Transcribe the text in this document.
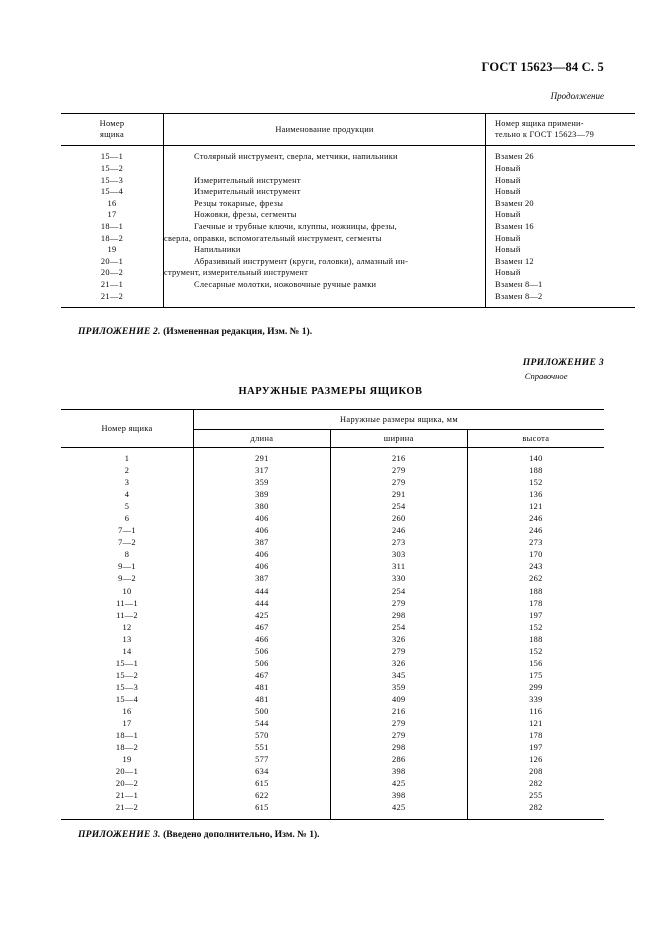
ГОСТ 15623—84 С. 5
Продолжение
Номер
ящика	Наименование продукции	Номер ящика примени-
тельно к ГОСТ 15623—79
15—1	Столярный инструмент, сверла, метчики, напильники	Взамен 26
15—2		Новый
15—3	Измерительный инструмент	Новый
15—4	Измерительный инструмент	Новый
16	Резцы токарные, фрезы	Взамен 20
17	Ножовки, фрезы, сегменты	Новый
18—1	Гаечные и трубные ключи, клуппы, ножницы, фрезы,	Взамен 16
18—2	сверла, оправки, вспомогательный инструмент, сегменты	Новый
19	Напильники	Новый
20—1	Абразивный инструмент (круги, головки), алмазный ин-	Взамен 12
20—2	струмент, измерительный инструмент	Новый
21—1	Слесарные молотки, ножовочные ручные рамки	Взамен 8—1
21—2		Взамен 8—2
ПРИЛОЖЕНИЕ 2. (Измененная редакция, Изм. № 1).
ПРИЛОЖЕНИЕ 3
Справочное
НАРУЖНЫЕ РАЗМЕРЫ ЯЩИКОВ
Номер ящика	Наружные размеры ящика, мм		
	длина	ширина	высота

1	291	216	140
2	317	279	188
3	359	279	152
4	389	291	136
5	380	254	121
6	406	260	246
7—1	406	246	246
7—2	387	273	273
8	406	303	170
9—1	406	311	243
9—2	387	330	262
10	444	254	188
11—1	444	279	178
11—2	425	298	197
12	467	254	152
13	466	326	188
14	506	279	152
15—1	506	326	156
15—2	467	345	175
15—3	481	359	299
15—4	481	409	339
16	500	216	116
17	544	279	121
18—1	570	279	178
18—2	551	298	197
19	577	286	126
20—1	634	398	208
20—2	615	425	282
21—1	622	398	255
21—2	615	425	282
ПРИЛОЖЕНИЕ 3. (Введено дополнительно, Изм. № 1).
